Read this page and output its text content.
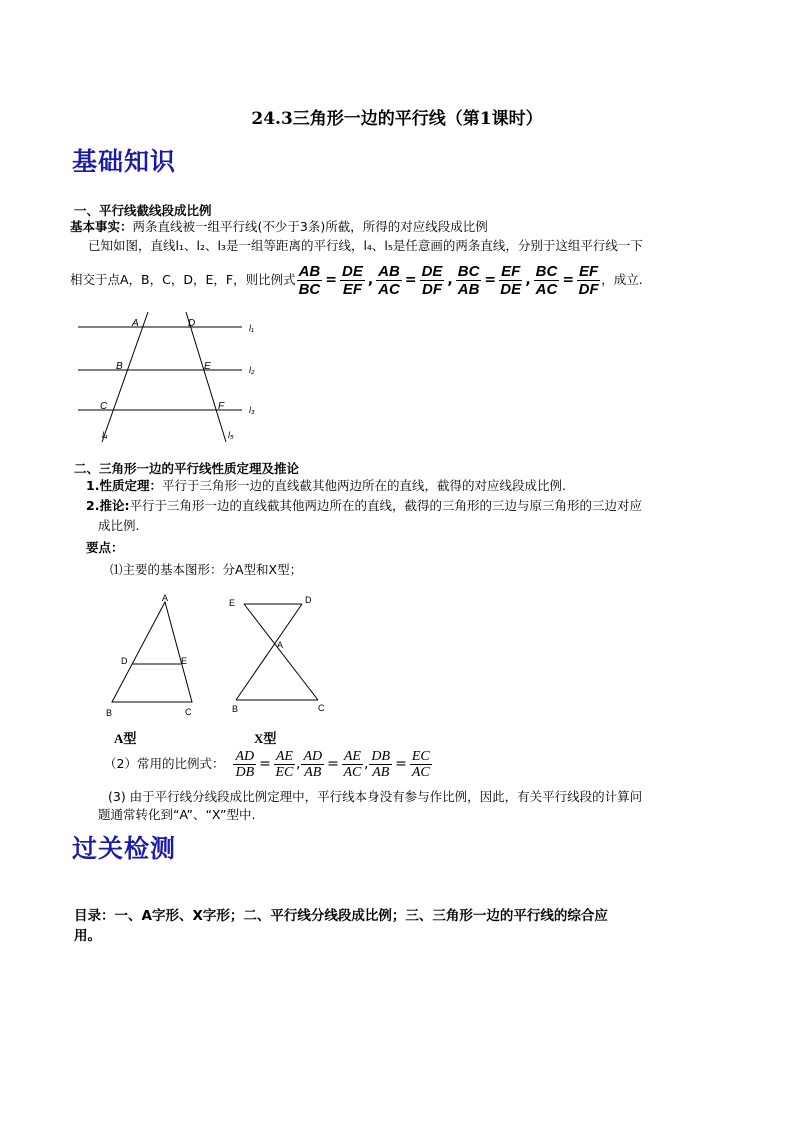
24.3三角形一边的平行线（第1课时）
基础知识
一、平行线截线段成比例
基本事实：两条直线被一组平行线(不少于3条)所截，所得的对应线段成比例
已知如图，直线l₁、l₂、l₃是一组等距离的平行线，l₄、l₅是任意画的两条直线，分别于这组平行线一下
相交于点A，B，C，D，E，F，则比例式 $\frac{AB}{BC} = \frac{DE}{EF}$ , $\frac{AB}{AC} = \frac{DE}{DF}$ , $\frac{BC}{AB} = \frac{EF}{DE}$ , $\frac{BC}{AC} = \frac{EF}{DF}$ ，成立.
A	D
B	E
C	F
l₁
l₂
l₃
l₄	l₅
二、三角形一边的平行线性质定理及推论
1.性质定理：平行于三角形一边的直线截其他两边所在的直线，截得的对应线段成比例.
2.推论:平行于三角形一边的直线截其他两边所在的直线，截得的三角形的三边与原三角形的三边对应
成比例.
要点：
⑴主要的基本图形：分A型和X型；
A
D	E
B	C
E	D
A
B	C
A型	X型
（2）常用的比例式： $\frac{AD}{DB} = \frac{AE}{EC}$ , $\frac{AD}{AB} = \frac{AE}{AC}$ , $\frac{DB}{AB} = \frac{EC}{AC}$
(3) 由于平行线分线段成比例定理中，平行线本身没有参与作比例，因此，有关平行线段的计算问
题通常转化到“A”、“X”型中.
过关检测
目录：一、A字形、X字形；二、平行线分线段成比例；三、三角形一边的平行线的综合应
用。
